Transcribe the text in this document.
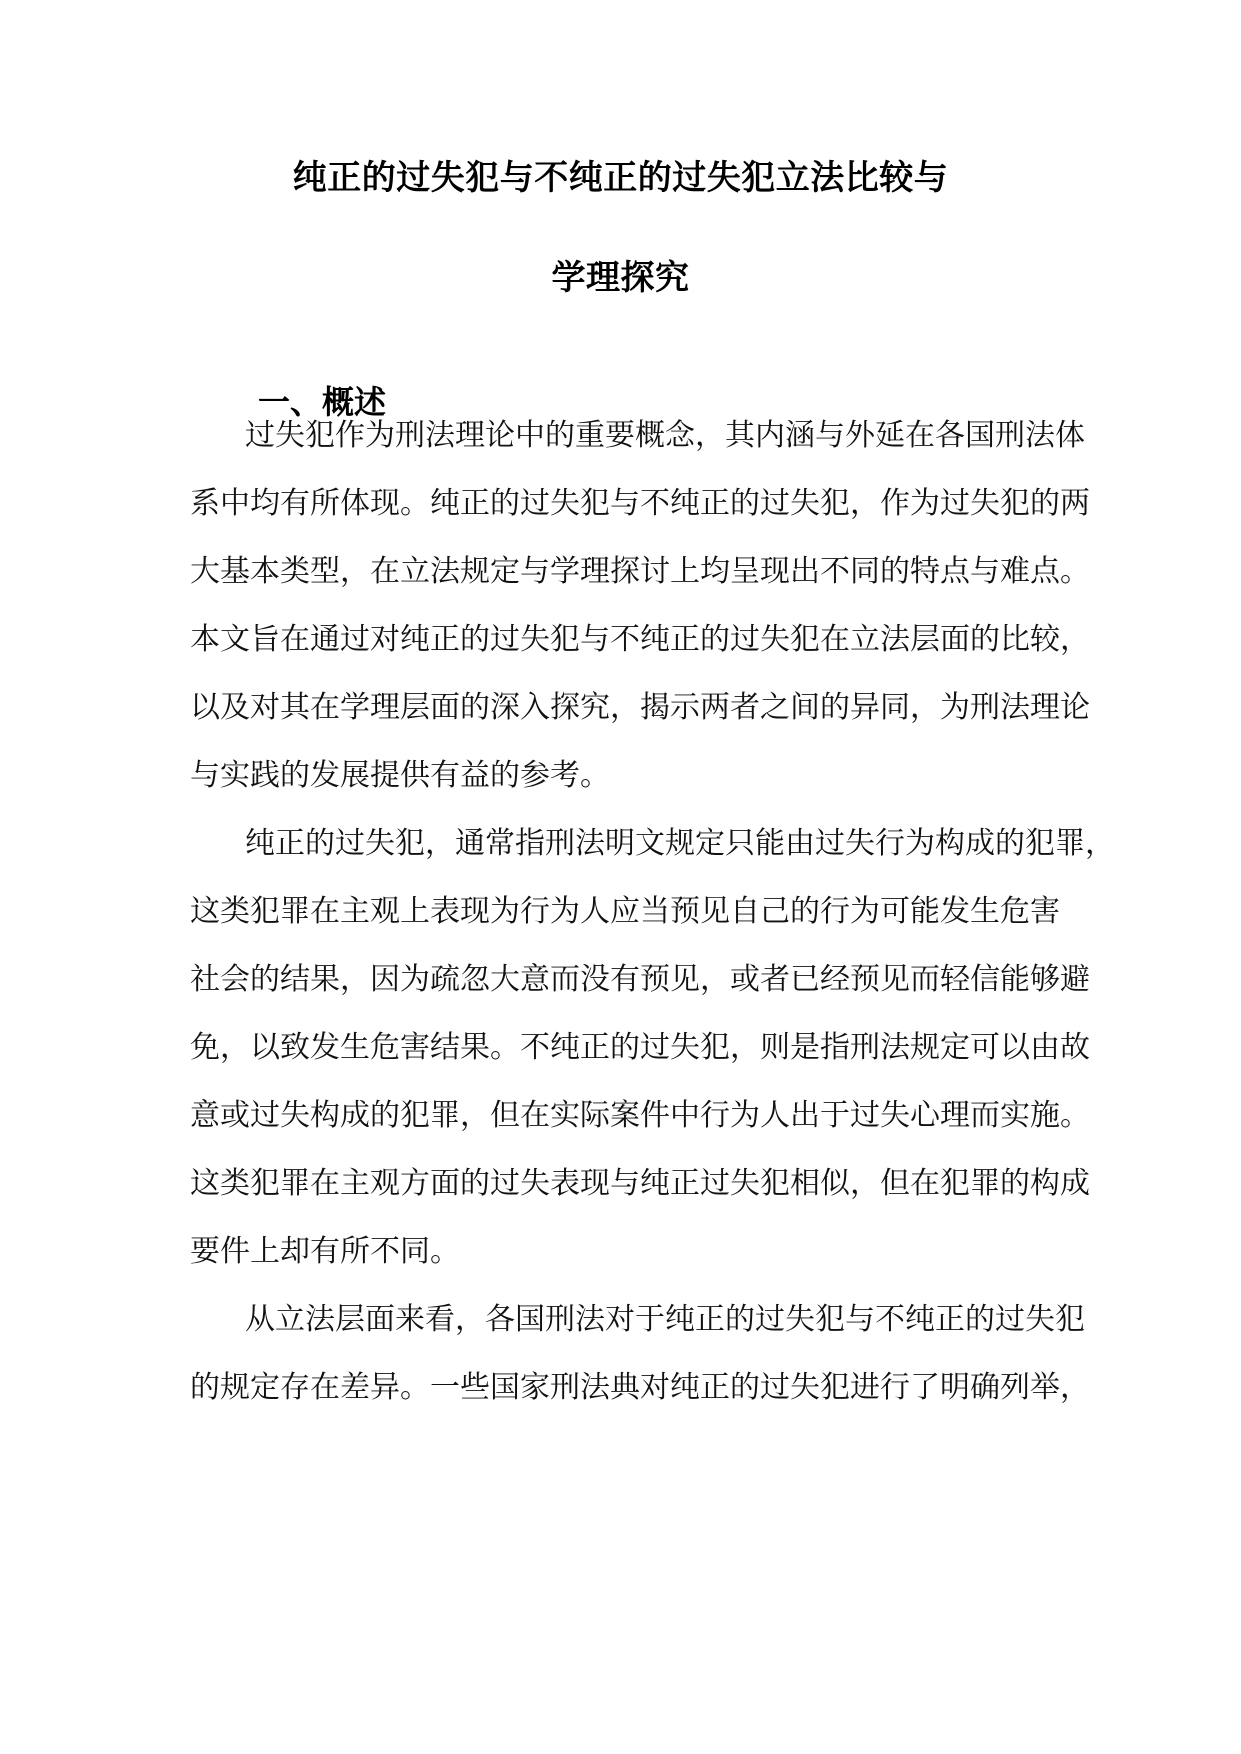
纯正的过失犯与不纯正的过失犯立法比较与
学理探究
一、概述
过失犯作为刑法理论中的重要概念，其内涵与外延在各国刑法体
系中均有所体现。纯正的过失犯与不纯正的过失犯，作为过失犯的两
大基本类型，在立法规定与学理探讨上均呈现出不同的特点与难点。
本文旨在通过对纯正的过失犯与不纯正的过失犯在立法层面的比较，
以及对其在学理层面的深入探究，揭示两者之间的异同，为刑法理论
与实践的发展提供有益的参考。
纯正的过失犯，通常指刑法明文规定只能由过失行为构成的犯罪，
这类犯罪在主观上表现为行为人应当预见自己的行为可能发生危害
社会的结果，因为疏忽大意而没有预见，或者已经预见而轻信能够避
免，以致发生危害结果。不纯正的过失犯，则是指刑法规定可以由故
意或过失构成的犯罪，但在实际案件中行为人出于过失心理而实施。
这类犯罪在主观方面的过失表现与纯正过失犯相似，但在犯罪的构成
要件上却有所不同。
从立法层面来看，各国刑法对于纯正的过失犯与不纯正的过失犯
的规定存在差异。一些国家刑法典对纯正的过失犯进行了明确列举，
